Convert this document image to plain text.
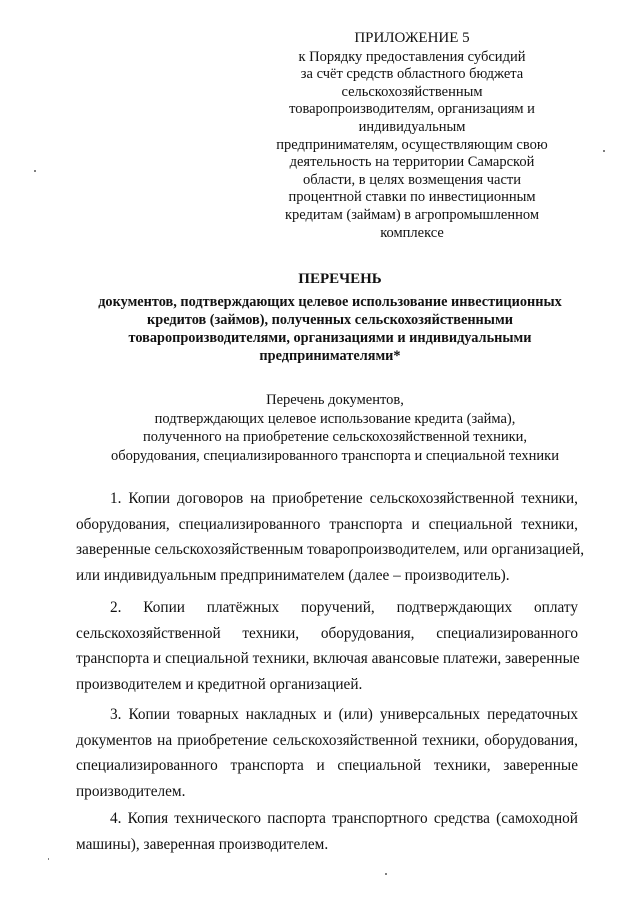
ПРИЛОЖЕНИЕ 5
к Порядку предоставления субсидий
за счёт средств областного бюджета
сельскохозяйственным
товаропроизводителям, организациям и
индивидуальным
предпринимателям, осуществляющим свою
деятельность на территории Самарской
области, в целях возмещения части
процентной ставки по инвестиционным
кредитам (займам) в агропромышленном
комплексе
ПЕРЕЧЕНЬ
документов, подтверждающих целевое использование инвестиционных
кредитов (займов), полученных сельскохозяйственными
товаропроизводителями, организациями и индивидуальными
предпринимателями*
Перечень документов,
подтверждающих целевое использование кредита (займа),
полученного на приобретение сельскохозяйственной техники,
оборудования, специализированного транспорта и специальной техники
1. Копии договоров на приобретение сельскохозяйственной техники,
оборудования, специализированного транспорта и специальной техники,
заверенные сельскохозяйственным товаропроизводителем, или организацией,
или индивидуальным предпринимателем (далее – производитель).
2. Копии платёжных поручений, подтверждающих оплату
сельскохозяйственной техники, оборудования, специализированного
транспорта и специальной техники, включая авансовые платежи, заверенные
производителем и кредитной организацией.
3. Копии товарных накладных и (или) универсальных передаточных
документов на приобретение сельскохозяйственной техники, оборудования,
специализированного транспорта и специальной техники, заверенные
производителем.
4. Копия технического паспорта транспортного средства (самоходной
машины), заверенная производителем.
